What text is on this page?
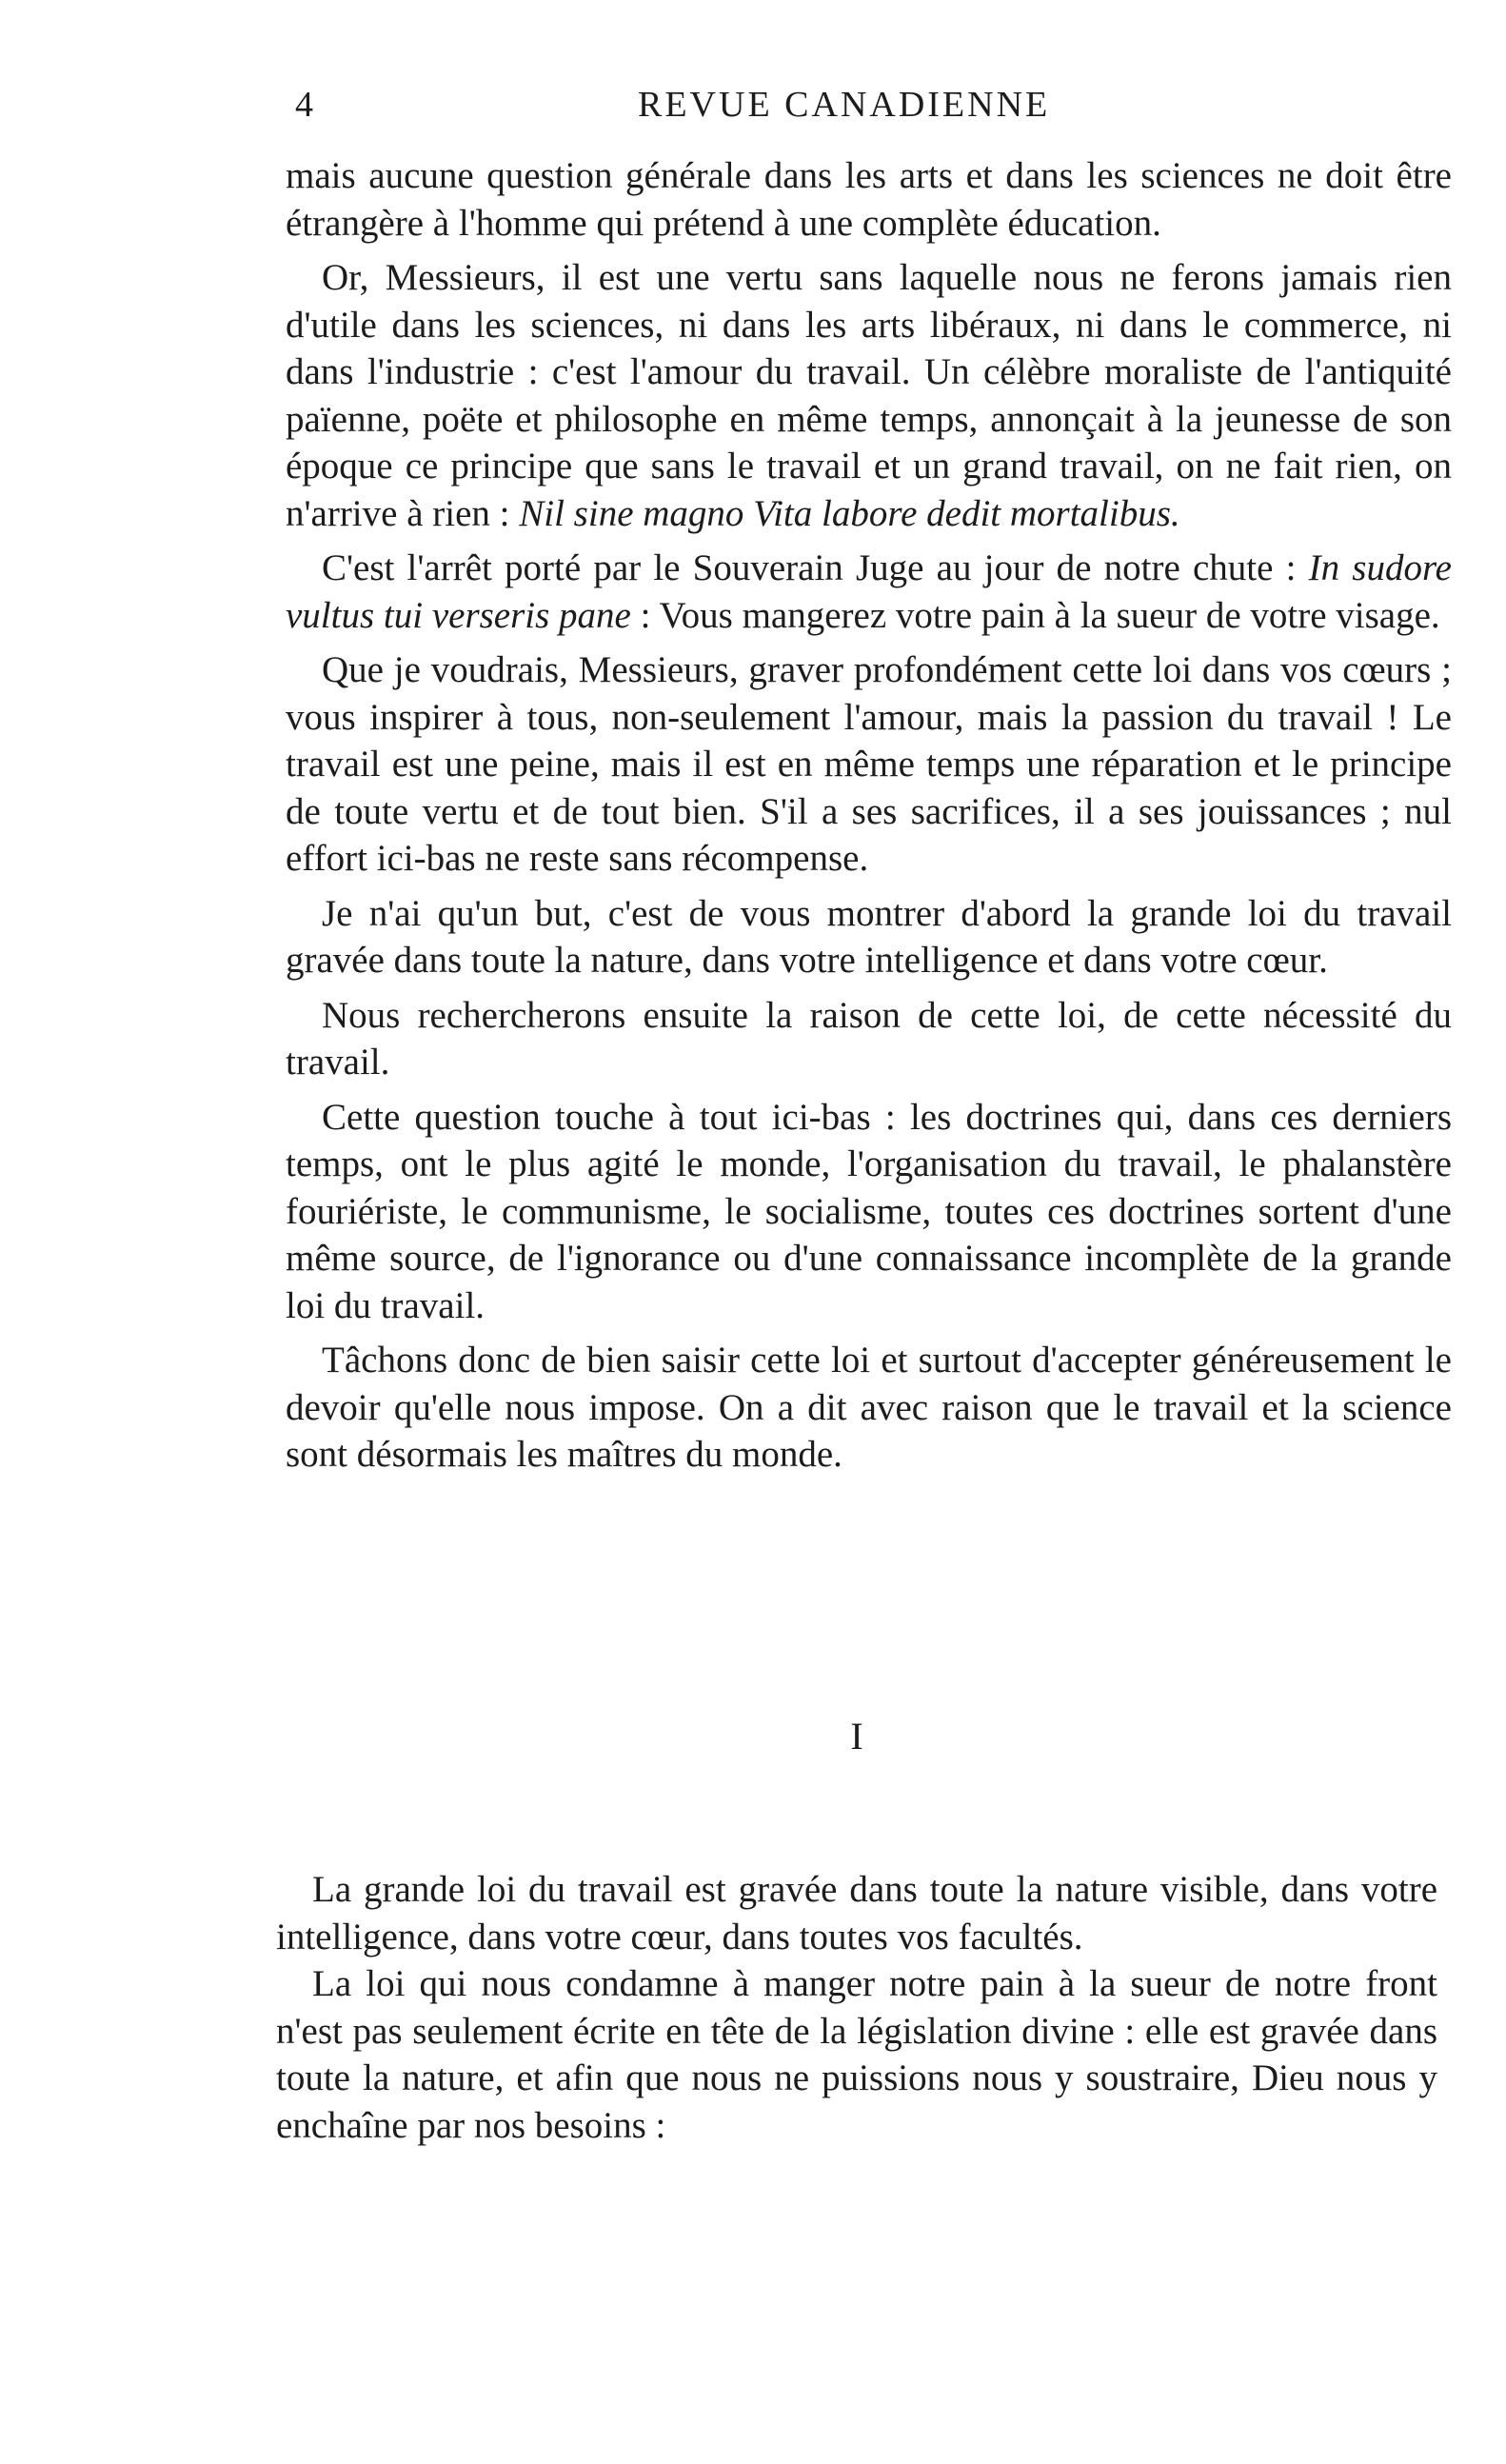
4	REVUE CANADIENNE

mais aucune question générale dans les arts et dans les sciences ne doit être étrangère à l'homme qui prétend à une complète éducation.

Or, Messieurs, il est une vertu sans laquelle nous ne ferons jamais rien d'utile dans les sciences, ni dans les arts libéraux, ni dans le commerce, ni dans l'industrie : c'est l'amour du travail. Un célèbre moraliste de l'antiquité païenne, poëte et philosophe en même temps, annonçait à la jeunesse de son époque ce principe que sans le travail et un grand travail, on ne fait rien, on n'arrive à rien : Nil sine magno Vita labore dedit mortalibus.

C'est l'arrêt porté par le Souverain Juge au jour de notre chute : In sudore vultus tui verseris pane : Vous mangerez votre pain à la sueur de votre visage.

Que je voudrais, Messieurs, graver profondément cette loi dans vos cœurs ; vous inspirer à tous, non-seulement l'amour, mais la passion du travail ! Le travail est une peine, mais il est en même temps une réparation et le principe de toute vertu et de tout bien. S'il a ses sacrifices, il a ses jouissances ; nul effort ici-bas ne reste sans récompense.

Je n'ai qu'un but, c'est de vous montrer d'abord la grande loi du travail gravée dans toute la nature, dans votre intelligence et dans votre cœur.

Nous rechercherons ensuite la raison de cette loi, de cette nécessité du travail.

Cette question touche à tout ici-bas : les doctrines qui, dans ces derniers temps, ont le plus agité le monde, l'organisation du travail, le phalanstère fouriériste, le communisme, le socialisme, toutes ces doctrines sortent d'une même source, de l'ignorance ou d'une connaissance incomplète de la grande loi du travail.

Tâchons donc de bien saisir cette loi et surtout d'accepter généreusement le devoir qu'elle nous impose. On a dit avec raison que le travail et la science sont désormais les maîtres du monde.

I

La grande loi du travail est gravée dans toute la nature visible, dans votre intelligence, dans votre cœur, dans toutes vos facultés.

La loi qui nous condamne à manger notre pain à la sueur de notre front n'est pas seulement écrite en tête de la législation divine : elle est gravée dans toute la nature, et afin que nous ne puissions nous y soustraire, Dieu nous y enchaîne par nos besoins :
